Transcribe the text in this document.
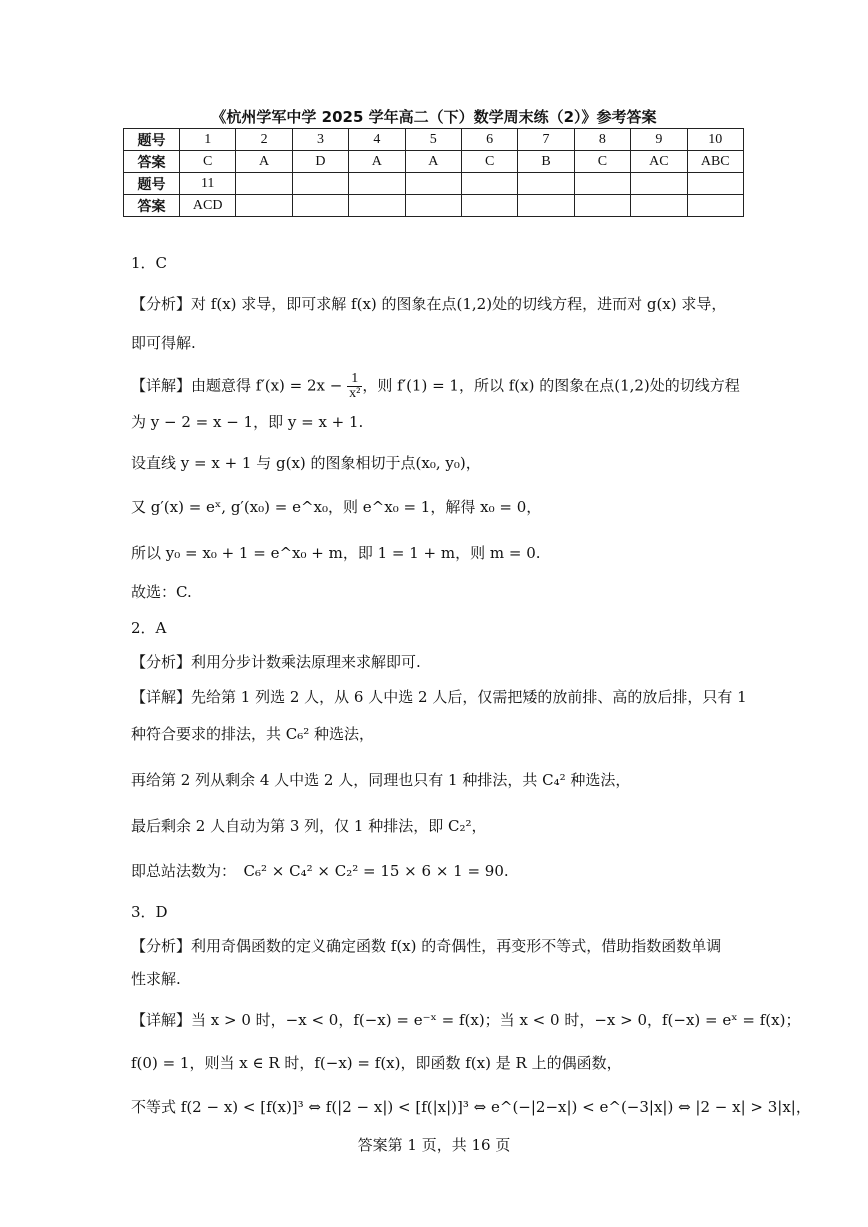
《杭州学军中学 2025 学年高二（下）数学周末练（2）》参考答案
题号	1	2	3	4	5	6	7	8	9	10
答案	C	A	D	A	A	C	B	C	AC	ABC
题号	11									
答案	ACD									
1．C
【分析】对 f(x) 求导，即可求解 f(x) 的图象在点(1,2)处的切线方程，进而对 g(x) 求导，
即可得解.
【详解】由题意得 $f'(x) = 2x - \frac{1}{\text{x²}}$ ，则 f′(1) = 1，所以 f(x) 的图象在点(1,2)处的切线方程
为 y − 2 = x − 1，即 y = x + 1.
设直线 y = x + 1 与 g(x) 的图象相切于点(x₀, y₀)，
又 g′(x) = eˣ, g′(x₀) = e^x₀，则 e^x₀ = 1，解得 x₀ = 0，
所以 y₀ = x₀ + 1 = e^x₀ + m，即 1 = 1 + m，则 m = 0.
故选：C.
2．A
【分析】利用分步计数乘法原理来求解即可.
【详解】先给第 1 列选 2 人，从 6 人中选 2 人后，仅需把矮的放前排、高的放后排，只有 1
种符合要求的排法，共 C₆² 种选法，
再给第 2 列从剩余 4 人中选 2 人，同理也只有 1 种排法，共 C₄² 种选法，
最后剩余 2 人自动为第 3 列，仅 1 种排法，即 C₂²，
即总站法数为：　C₆² × C₄² × C₂² = 15 × 6 × 1 = 90.
3．D
【分析】利用奇偶函数的定义确定函数 f(x) 的奇偶性，再变形不等式，借助指数函数单调
性求解.
【详解】当 x > 0 时，−x < 0，f(−x) = e⁻ˣ = f(x)；当 x < 0 时，−x > 0，f(−x) = eˣ = f(x)；
f(0) = 1，则当 x ∈ R 时，f(−x) = f(x)，即函数 f(x) 是 R 上的偶函数，
不等式 f(2 − x) < [f(x)]³ ⇔ f(|2 − x|) < [f(|x|)]³ ⇔ e^(−|2−x|) < e^(−3|x|) ⇔ |2 − x| > 3|x|，
答案第 1 页，共 16 页
